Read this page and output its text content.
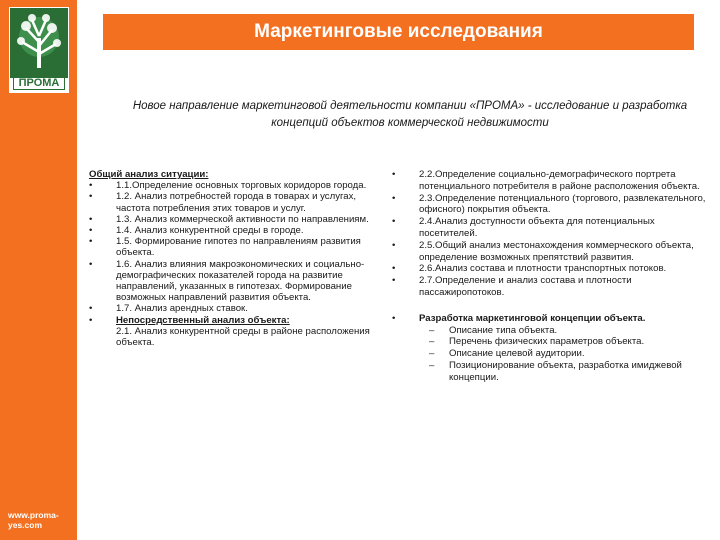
ПРОМА
www.proma-yes.com
Маркетинговые исследования
Новое направление маркетинговой деятельности компании «ПРОМА» - исследование и разработка концепций объектов коммерческой недвижимости
Общий анализ ситуации:
• 1.1.Определение основных торговых коридоров города.
• 1.2. Анализ потребностей города в товарах и услугах, частота потребления этих товаров и услуг.
• 1.3. Анализ коммерческой активности по направлениям.
• 1.4. Анализ конкурентной среды в городе.
• 1.5. Формирование гипотез по направлениям развития объекта.
• 1.6. Анализ влияния макроэкономических и социально-демографических показателей города на развитие направлений, указанных в гипотезах. Формирование возможных направлений развития объекта.
• 1.7. Анализ арендных ставок.
• Непосредственный анализ объекта:
2.1. Анализ конкурентной среды в районе расположения объекта.
• 2.2.Определение социально-демографического портрета потенциального потребителя в районе расположения объекта.
• 2.3.Определение потенциального (торгового, развлекательного, офисного) покрытия объекта.
• 2.4.Анализ доступности объекта для потенциальных посетителей.
• 2.5.Общий анализ местонахождения коммерческого объекта, определение возможных препятствий развития.
• 2.6.Анализ состава и плотности транспортных потоков.
• 2.7.Определение и анализ состава и плотности пассажиропотоков.
• Разработка маркетинговой концепции объекта.
– Описание типа объекта.
– Перечень физических параметров объекта.
– Описание целевой аудитории.
– Позиционирование объекта, разработка имиджевой концепции.
